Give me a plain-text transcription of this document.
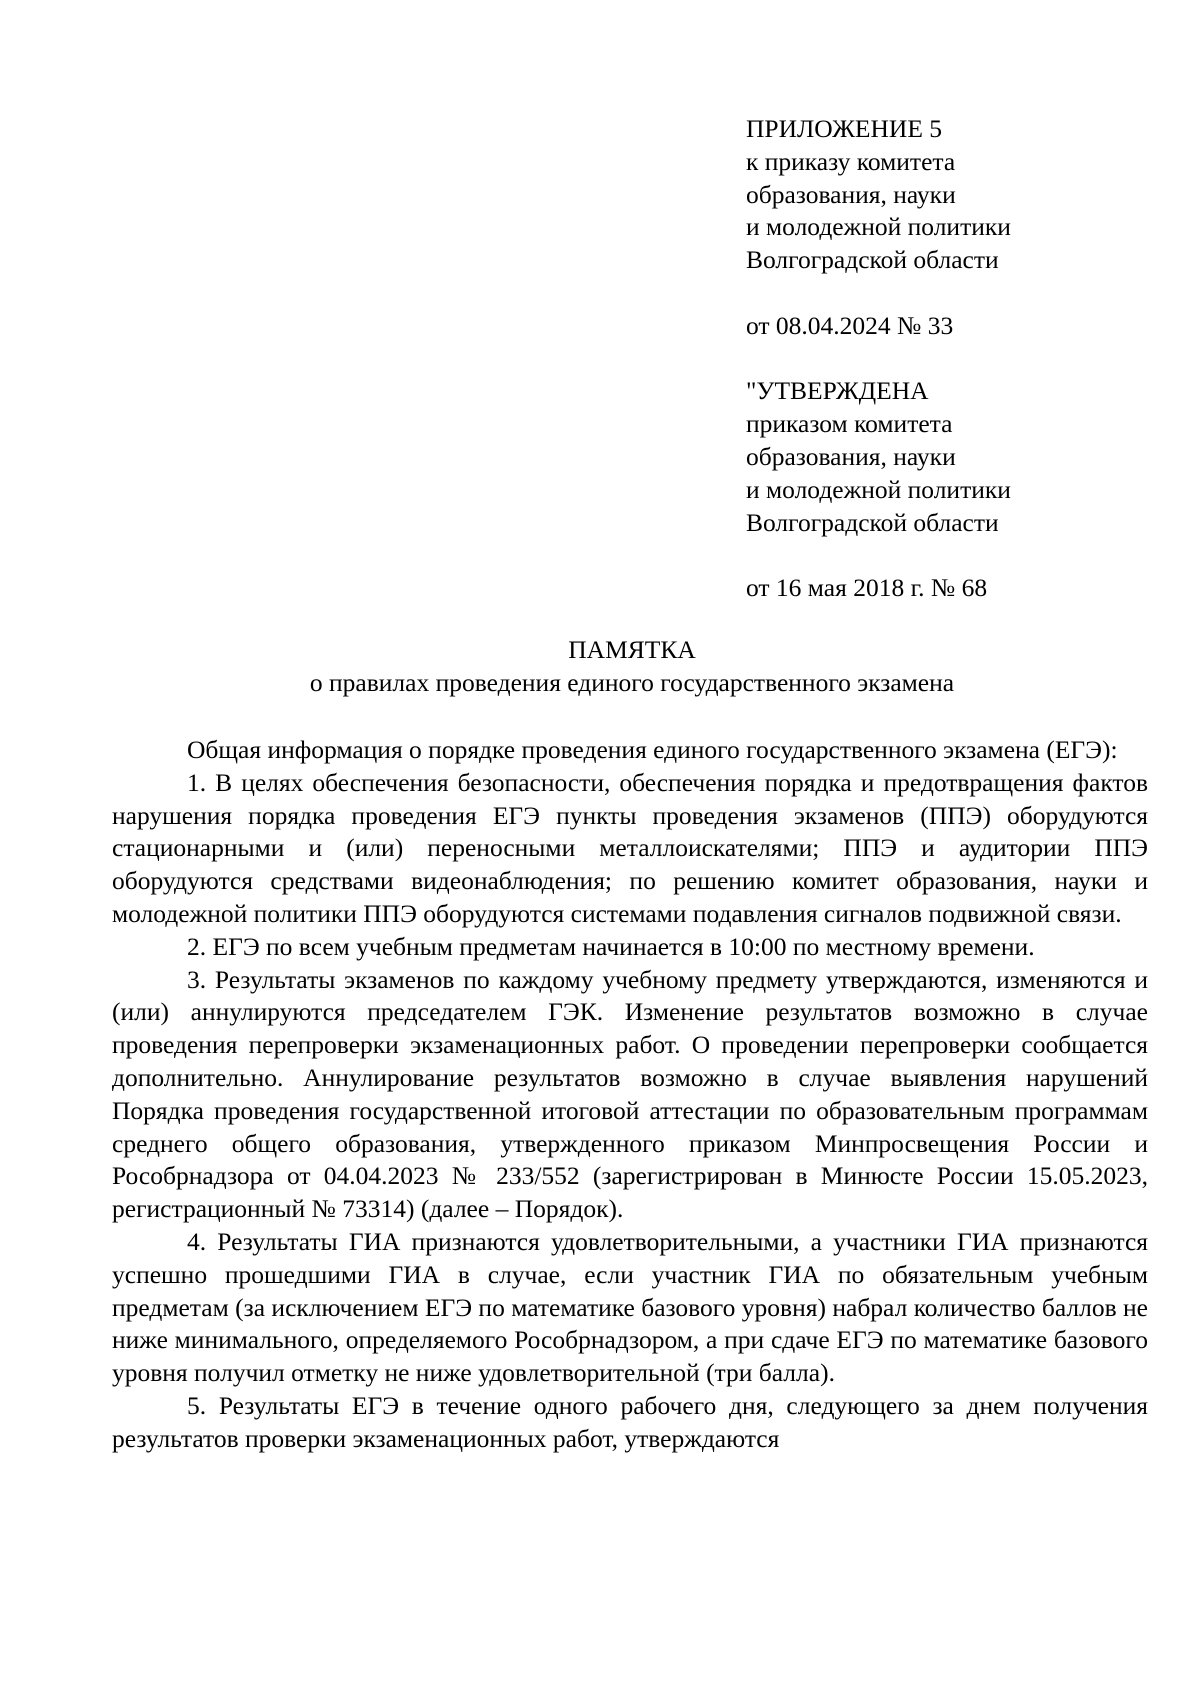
ПРИЛОЖЕНИЕ 5
к приказу комитета
образования, науки
и молодежной политики
Волгоградской области
от 08.04.2024 № 33
"УТВЕРЖДЕНА
приказом комитета
образования, науки
и молодежной политики
Волгоградской области
от 16 мая 2018 г. № 68
ПАМЯТКА
о правилах проведения единого государственного экзамена

Общая информация о порядке проведения единого государственного экзамена (ЕГЭ):

1. В целях обеспечения безопасности, обеспечения порядка и предотвращения фактов нарушения порядка проведения ЕГЭ пункты проведения экзаменов (ППЭ) оборудуются стационарными и (или) переносными металлоискателями; ППЭ и аудитории ППЭ оборудуются средствами видеонаблюдения; по решению комитет образования, науки и молодежной политики ППЭ оборудуются системами подавления сигналов подвижной связи.

2. ЕГЭ по всем учебным предметам начинается в 10:00 по местному времени.

3. Результаты экзаменов по каждому учебному предмету утверждаются, изменяются и (или) аннулируются председателем ГЭК. Изменение результатов возможно в случае проведения перепроверки экзаменационных работ. О проведении перепроверки сообщается дополнительно. Аннулирование результатов возможно в случае выявления нарушений Порядка проведения государственной итоговой аттестации по образовательным программам среднего общего образования, утвержденного приказом Минпросвещения России и Рособрнадзора от 04.04.2023 № 233/552 (зарегистрирован в Минюсте России 15.05.2023, регистрационный № 73314) (далее – Порядок).

4. Результаты ГИА признаются удовлетворительными, а участники ГИА признаются успешно прошедшими ГИА в случае, если участник ГИА по обязательным учебным предметам (за исключением ЕГЭ по математике базового уровня) набрал количество баллов не ниже минимального, определяемого Рособрнадзором, а при сдаче ЕГЭ по математике базового уровня получил отметку не ниже удовлетворительной (три балла).

5. Результаты ЕГЭ в течение одного рабочего дня, следующего за днем получения результатов проверки экзаменационных работ, утверждаются
